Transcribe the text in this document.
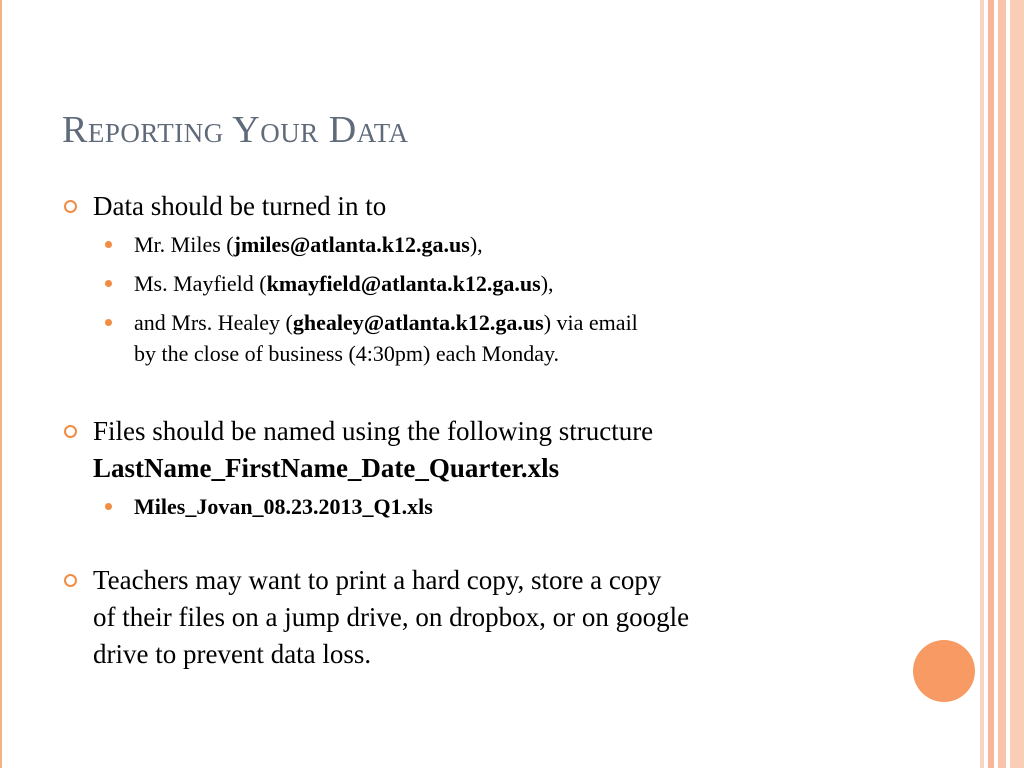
Reporting Your Data
Data should be turned in to
Mr. Miles (jmiles@atlanta.k12.ga.us),
Ms. Mayfield (kmayfield@atlanta.k12.ga.us),
and Mrs. Healey (ghealey@atlanta.k12.ga.us) via email
by the close of business (4:30pm) each Monday.
Files should be named using the following structure
LastName_FirstName_Date_Quarter.xls
Miles_Jovan_08.23.2013_Q1.xls
Teachers may want to print a hard copy, store a copy
of their files on a jump drive, on dropbox, or on google
drive to prevent data loss.
